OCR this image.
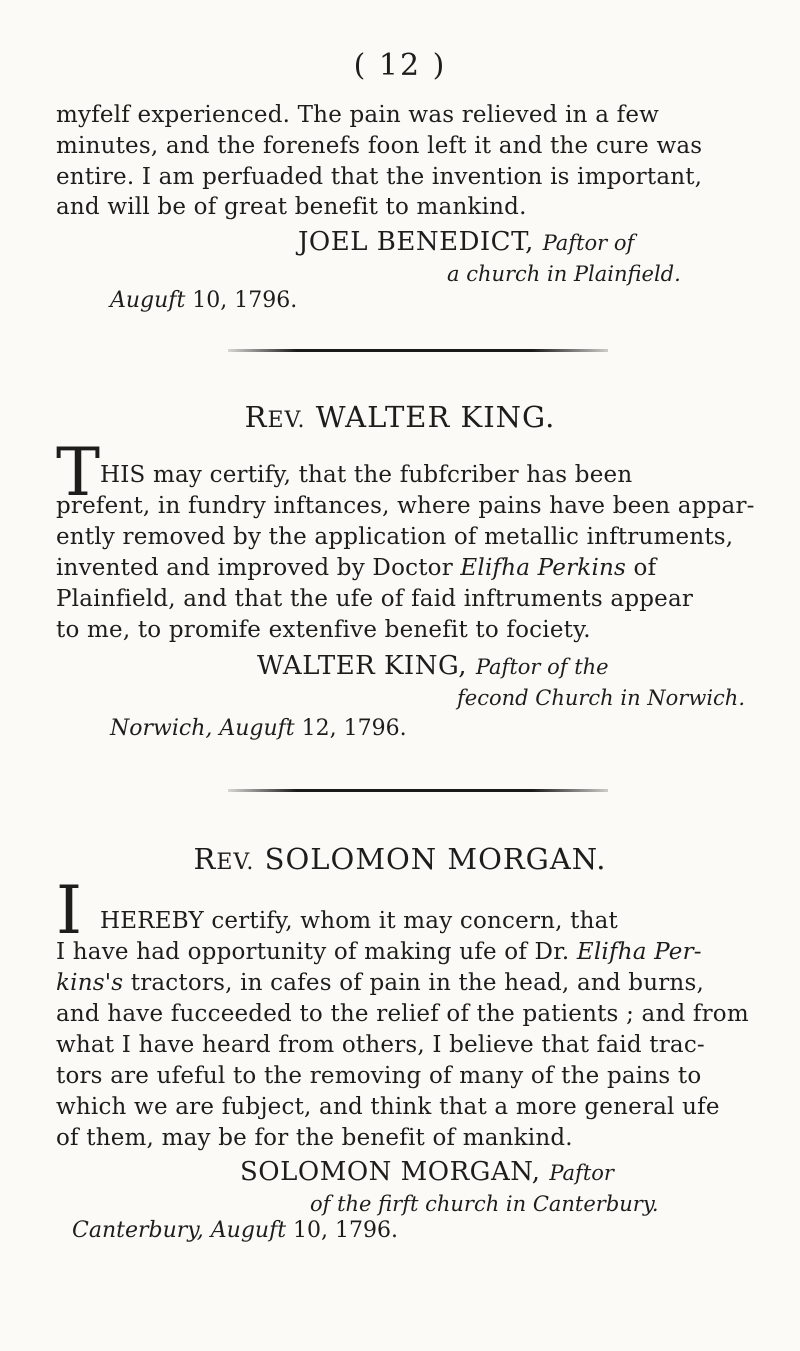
( 12 )
myfelf experienced. The pain was relieved in a few
minutes, and the forenefs foon left it and the cure was
entire. I am perfuaded that the invention is important,
and will be of great benefit to mankind.
JOEL BENEDICT, Paftor of
a church in Plainfield.
Auguft 10, 1796.
REV. WALTER KING.
T HIS may certify, that the fubfcriber has been
prefent, in fundry inftances, where pains have been appar-
ently removed by the application of metallic inftruments,
invented and improved by Doctor Elifha Perkins of
Plainfield, and that the ufe of faid inftruments appear
to me, to promife extenfive benefit to fociety.
WALTER KING, Paftor of the
fecond Church in Norwich.
Norwich, Auguft 12, 1796.
REV. SOLOMON MORGAN.
I HEREBY certify, whom it may concern, that
I have had opportunity of making ufe of Dr. Elifha Per-
kins's tractors, in cafes of pain in the head, and burns,
and have fucceeded to the relief of the patients ; and from
what I have heard from others, I believe that faid trac-
tors are ufeful to the removing of many of the pains to
which we are fubject, and think that a more general ufe
of them, may be for the benefit of mankind.
SOLOMON MORGAN, Paftor
of the firft church in Canterbury.
Canterbury, Auguft 10, 1796.
